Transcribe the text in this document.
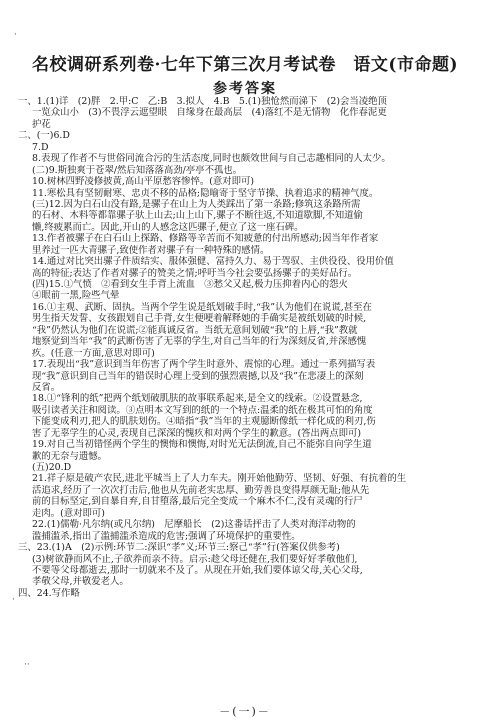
·
·
··
名校调研系列卷·七年下第三次月考试卷　语文(市命题)
参考答案
一、1.(1)详　(2)胖　2.甲:C　乙:B　3.拟人　4.B　5.(1)独怆然而涕下　(2)会当凌绝顶
一览众山小　(3)不畏浮云遮望眼　自缘身在最高层　(4)落红不是无情物　化作春泥更
护花
二、(一)6.D
7.D
8.表现了作者不与世俗同流合污的生活态度,同时也颇效世间与自己志趣相同的人太少。
(二)9.斯独爽于苍翠/然后知落落高劲/亭亭不孤也。
10.树林四野凌修披黄,高山平原愁容惨悴。(意对即可)
11.寒松具有坚韧耐寒、忠贞不移的品格;隐喻寄于坚守节操、执着追求的精神气度。
(三)12.因为白石山没有路,是骡子在山上为人类踩出了第一条路;修筑这条路所需
的石材、木料等都靠骡子驮上山去;山上山下,骡子不断往返,不知道歇脚,不知道偷
懒,终疲累而亡。因此,开山的人感念这匹骡子,便立了这一座石碑。
13.作者被骡子在白石山上探路、修路等辛苦而不知疲惫的付出所感动;因当年作者家
里养过一匹大青骡子,致使作者对骡子有一种特殊的感情。
14.通过对比突出骡子件质结实、服体强健、富持久力、易于驾驭、主供役役、役用价值
高的特征;表达了作者对骡子的赞美之情;呼吁当今社会要弘扬骡子的美好品行。
(四)15.①气愤　②看到女生手背上流血　③愁父又起,极力压抑着内心的怨火
④眼前一黑,险些气晕
16.①主观、武断、固执。当两个学生说是纸划破手时,“我”认为他们在说谎,甚至在
男生指天发誓、女孩跟划自己手背,女生便哽着解释她的手确实是被纸划破的时候,
“我”仍然认为他们在说谎;②能真诚反省。当纸无意间划破“我”的上唇,“我”教就
地察觉到当年“我”的武断伤害了无辜的学生,对自己当年的行为深刻反省,并深感愧
疚。(任意一方面,意思对即可)
17.表现出“我”意识到当年伤害了两个学生时意外、震惊的心理。通过一系列描写表
现“我”意识到自己当年的错误时心理上受到的强烈震撼,以及“我”在悲凄上的深刻
反省。
18.①“锋利的纸”把两个纸划破肌肤的故事联系起来,是全文的线索。②设置悬念,
吸引读者关注和阅读。③点明本文写到的纸的一个特点:温柔的纸在极其可怕的角度
下能变成利刃,把人的肌肤划伤。④暗指“我”当年的主观臆断像纸一样化成的利刃,伤
害了无辜学生的心灵,表现自己深深的愧疚和对两个学生的歉意。(答出两点即可)
19.对自己当初错怪两个学生的懊悔和懊悔,对时光无法倒流,自己不能弥自向学生道
歉的无奈与遗憾。
(五)20.D
21.祥子原是破产农民,进北平城当上了人力车夫。刚开始他勤劳、坚韧、好强、有抗着的生
活追求,经历了一次次打击后,他也从先前老实忠厚、勤劳善良变得厚颜无耻;他从先
前的目标坚定,到自暴自弃,自甘堕落,最后完全变成一个麻木不仁,没有灵魂的行尸
走肉。(意对即可)
22.(1)儒勒·凡尔纳(或凡尔纳)　尼摩船长　(2)这番话抨击了人类对海洋动物的
滥捕滥杀,指出了滥捕滥杀造成的危害;强调了环境保护的重要性。
三、23.(1)A　(2)示例:环节二:深识“孝”义;环节三:察己“孝”行(答案仅供参考)
(3)树欲静而风不止,子欲养而亲不待。启示:趁父母还健在,我们要好好孝敬他们,
不要等父母都逝去,那时一切就来不及了。从现在开始,我们要体谅父母,关心父母,
孝敬父母,并敬爱老人。
四、24.写作略
－(一)－
